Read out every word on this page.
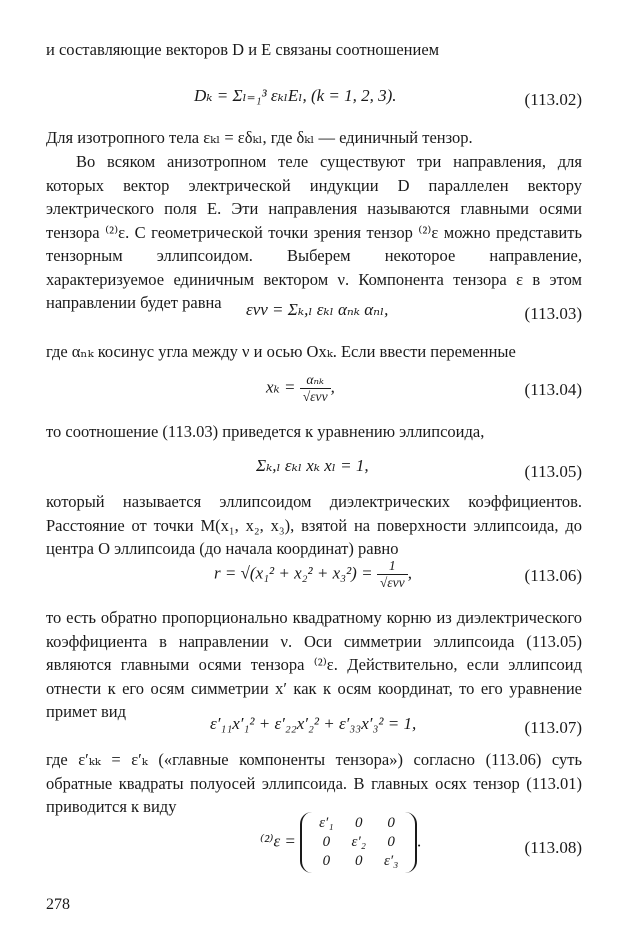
и составляющие векторов D и E связаны соотношением

Dₖ = Σₗ₌₁³ εₖₗEₗ, (k = 1, 2, 3).	(113.02)

Для изотропного тела εₖₗ = εδₖₗ, где δₖₗ — единичный тензор.

Во всяком анизотропном теле существуют три направления, для которых вектор электрической индукции D параллелен вектору электрического поля E. Эти направления называются главными осями тензора ⁽²⁾ε. С геометрической точки зрения тензор ⁽²⁾ε можно представить тензорным эллипсоидом. Выберем некоторое направление, характеризуемое единичным вектором ν. Компонента тензора ε в этом направлении будет равна	ενν = Σₖ,ₗ εₖₗ αₙₖ αₙₗ,	(113.03)

где αₙₖ косинус угла между ν и осью Oxₖ. Если ввести переменные

$x_k = \frac{\text{αₙₖ}}{\text{√ενν}}$ ,	(113.04)

то соотношение (113.03) приведется к уравнению эллипсоида,

Σₖ,ₗ εₖₗ xₖ xₗ = 1,	(113.05)

который называется эллипсоидом диэлектрических коэффициентов. Расстояние от точки M(x₁, x₂, x₃), взятой на поверхности эллипсоида, до центра O эллипсоида (до начала координат) равно

$r = √(x_1^2 + x_2^2 + x_3^2) = \frac{1}{\text{√ενν}}$ ,	(113.06)

то есть обратно пропорционально квадратному корню из диэлектрического коэффициента в направлении ν. Оси симметрии эллипсоида (113.05) являются главными осями тензора ⁽²⁾ε. Действительно, если эллипсоид отнести к его осям симметрии x′ как к осям координат, то его уравнение примет вид

ε′₁₁x′₁² + ε′₂₂x′₂² + ε′₃₃x′₃² = 1,	(113.07)

где ε′ₖₖ = ε′ₖ («главные компоненты тензора») согласно (113.06) суть обратные квадраты полуосей эллипсоида. В главных осях тензор (113.01) приводится к виду

⁽²⁾ε =
ε′₁	0	0
0	ε′₂	0
0	0	ε′₃
.	(113.08)
278
